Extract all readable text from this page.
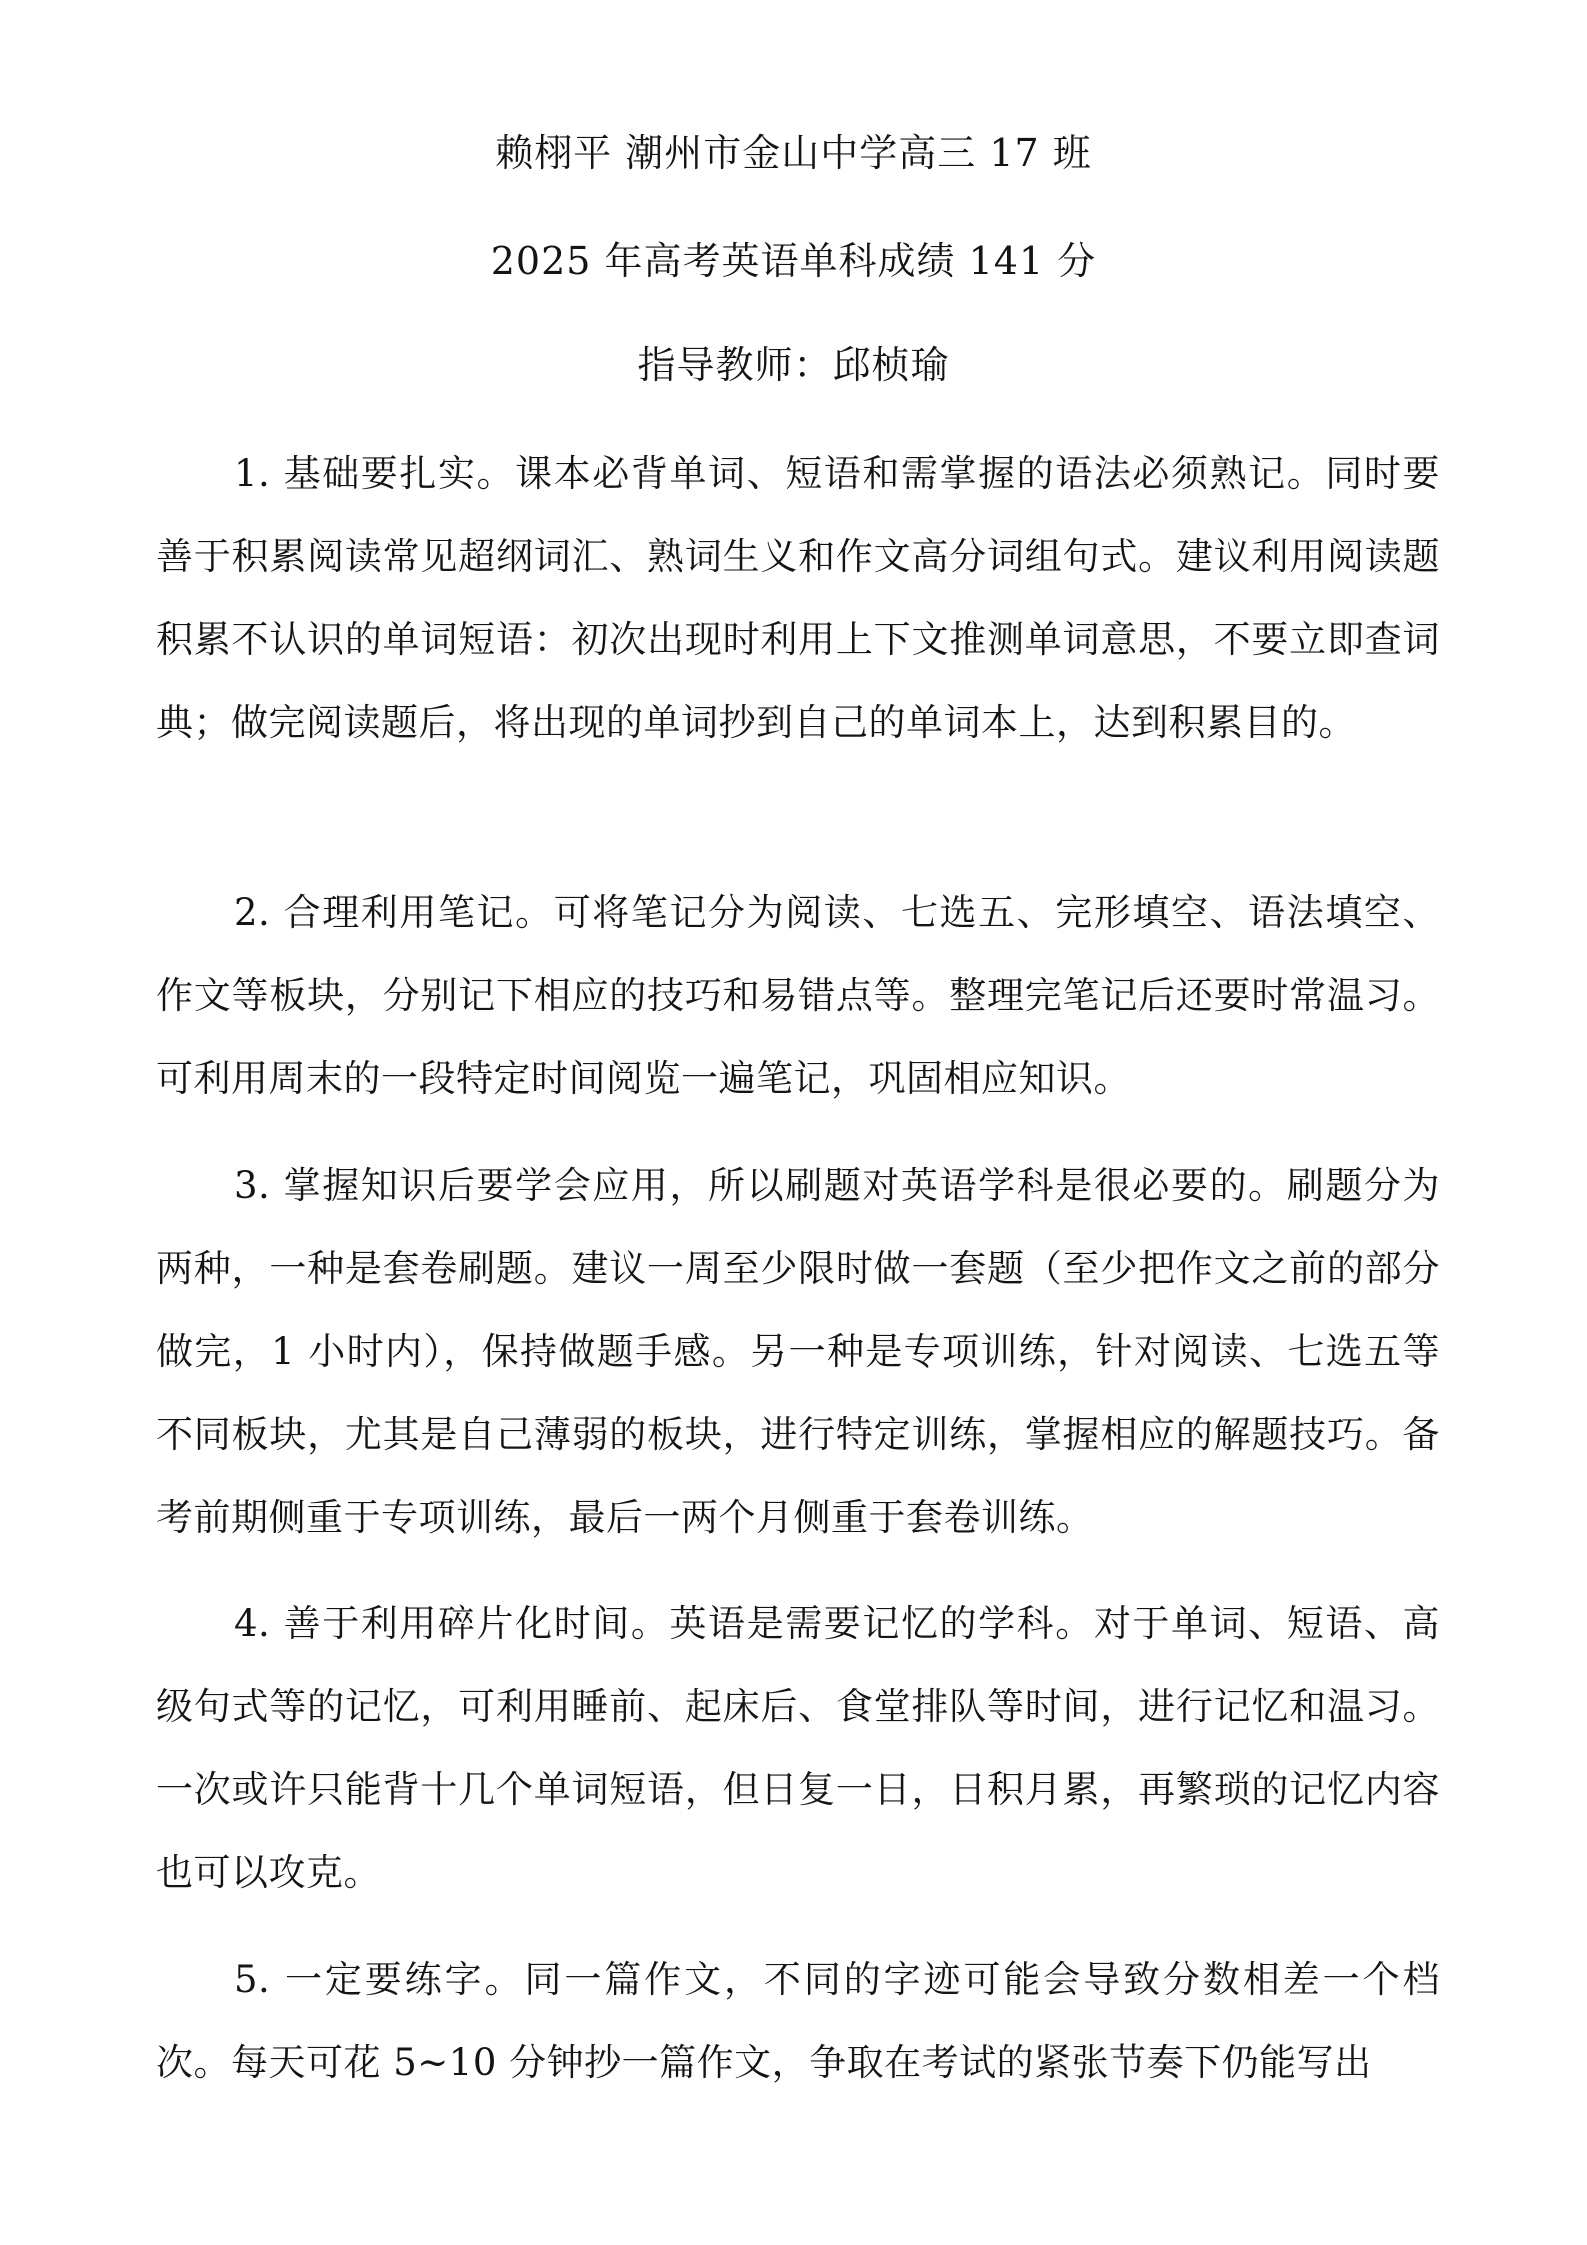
赖栩平 潮州市金山中学高三 17 班
2025 年高考英语单科成绩 141 分
指导教师：邱桢瑜

1. 基础要扎实。课本必背单词、短语和需掌握的语法必须熟记。同时要善于积累阅读常见超纲词汇、熟词生义和作文高分词组句式。建议利用阅读题积累不认识的单词短语：初次出现时利用上下文推测单词意思，不要立即查词典；做完阅读题后，将出现的单词抄到自己的单词本上，达到积累目的。

2. 合理利用笔记。可将笔记分为阅读、七选五、完形填空、语法填空、作文等板块，分别记下相应的技巧和易错点等。整理完笔记后还要时常温习。可利用周末的一段特定时间阅览一遍笔记，巩固相应知识。

3. 掌握知识后要学会应用，所以刷题对英语学科是很必要的。刷题分为两种，一种是套卷刷题。建议一周至少限时做一套题（至少把作文之前的部分做完，1 小时内），保持做题手感。另一种是专项训练，针对阅读、七选五等不同板块，尤其是自己薄弱的板块，进行特定训练，掌握相应的解题技巧。备考前期侧重于专项训练，最后一两个月侧重于套卷训练。

4. 善于利用碎片化时间。英语是需要记忆的学科。对于单词、短语、高级句式等的记忆，可利用睡前、起床后、食堂排队等时间，进行记忆和温习。一次或许只能背十几个单词短语，但日复一日，日积月累，再繁琐的记忆内容也可以攻克。

5. 一定要练字。同一篇作文，不同的字迹可能会导致分数相差一个档次。每天可花 5~10 分钟抄一篇作文，争取在考试的紧张节奏下仍能写出
